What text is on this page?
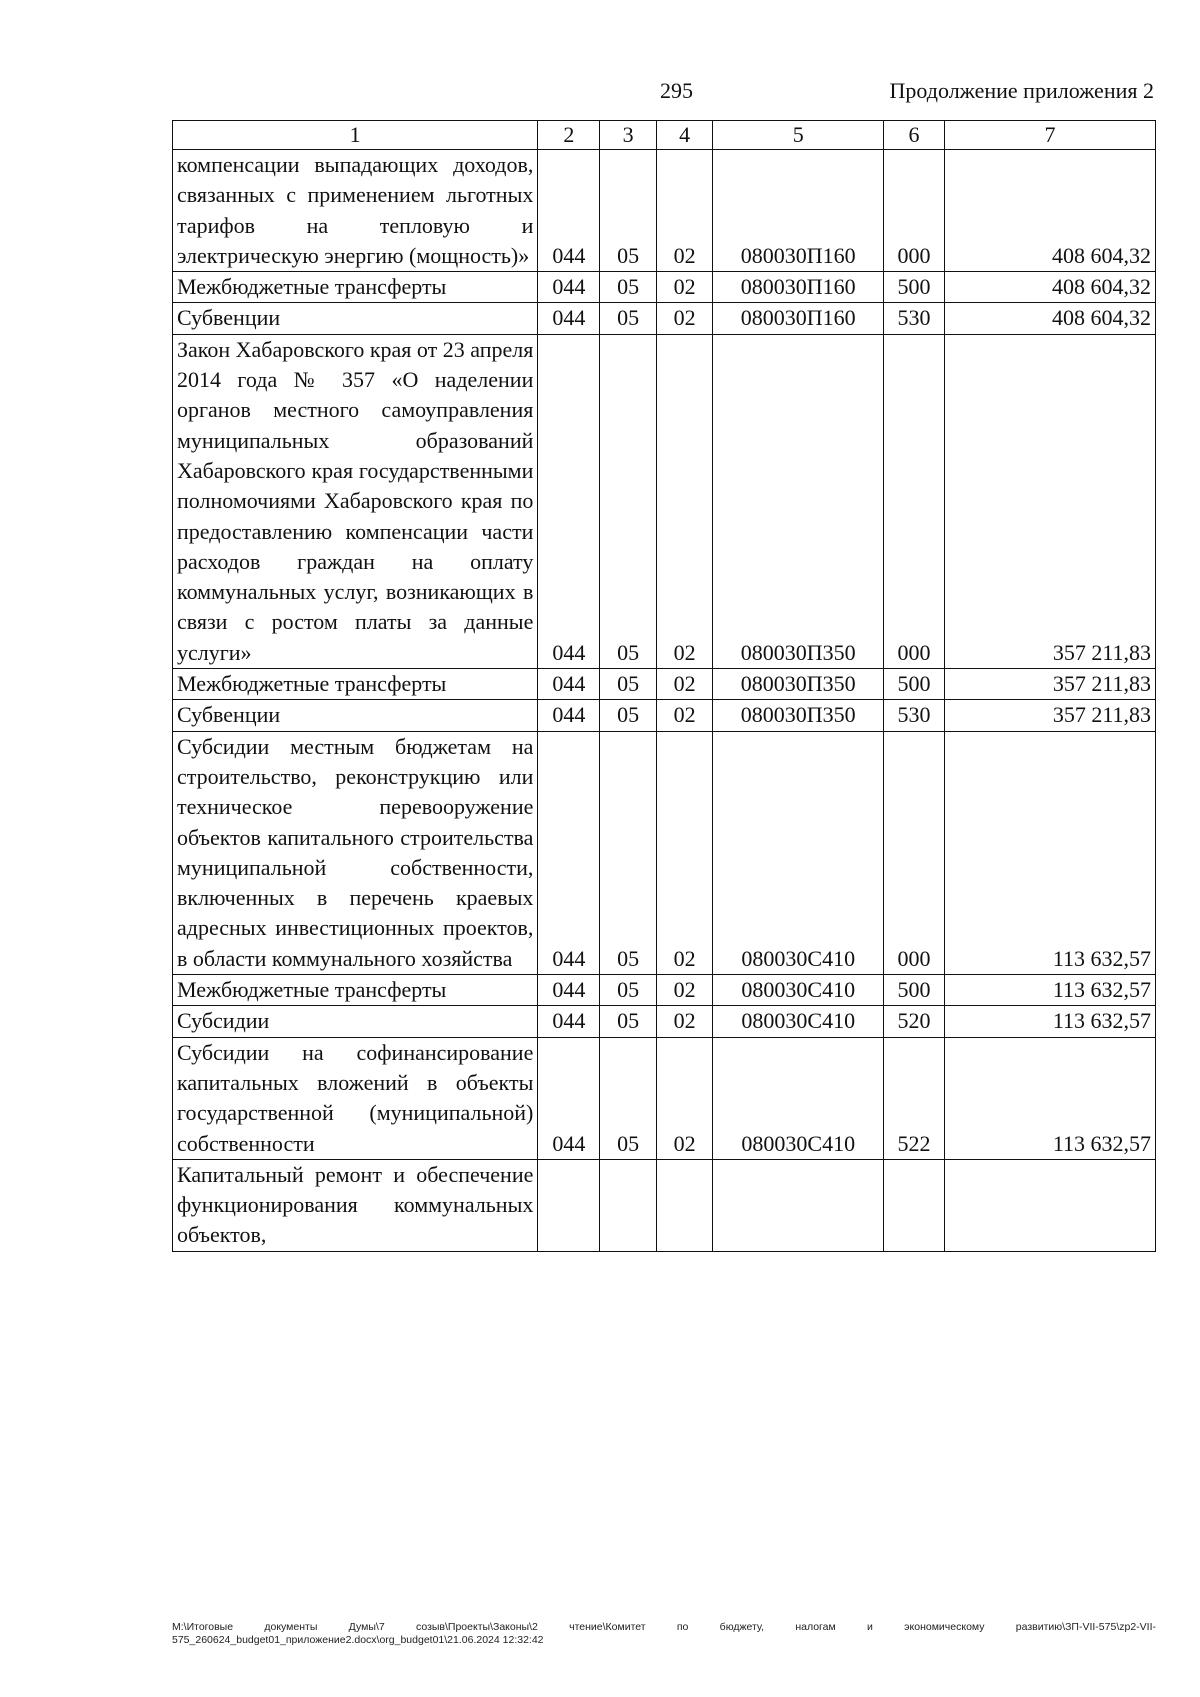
295	Продолжение приложения 2
1	2	3	4	5	6	7
компенсации выпадающих доходов, связанных с применением льготных тарифов на тепловую и электрическую энергию (мощность)»	044	05	02	080030П160	000	408 604,32
Межбюджетные трансферты	044	05	02	080030П160	500	408 604,32
Субвенции	044	05	02	080030П160	530	408 604,32
Закон Хабаровского края от 23 апреля 2014 года № 357 «О наделении органов местного самоуправления муниципальных образований Хабаровского края государственными полномочиями Хабаровского края по предоставлению компенсации части расходов граждан на оплату коммунальных услуг, возникающих в связи с ростом платы за данные услуги»	044	05	02	080030П350	000	357 211,83
Межбюджетные трансферты	044	05	02	080030П350	500	357 211,83
Субвенции	044	05	02	080030П350	530	357 211,83
Субсидии местным бюджетам на строительство, реконструкцию или техническое перевооружение объектов капитального строительства муниципальной собственности, включенных в перечень краевых адресных инвестиционных проектов, в области коммунального хозяйства	044	05	02	080030С410	000	113 632,57
Межбюджетные трансферты	044	05	02	080030С410	500	113 632,57
Субсидии	044	05	02	080030С410	520	113 632,57
Субсидии на софинансирование капитальных вложений в объекты государственной (муниципальной) собственности	044	05	02	080030С410	522	113 632,57
Капитальный ремонт и обеспечение функционирования коммунальных объектов,						
M:\Итоговые документы Думы\7 созыв\Проекты\Законы\2 чтение\Комитет по бюджету, налогам и экономическому развитию\ЗП-VII-575\zp2-VII-575_260624_budget01_приложение2.docx\org_budget01\21.06.2024 12:32:42
